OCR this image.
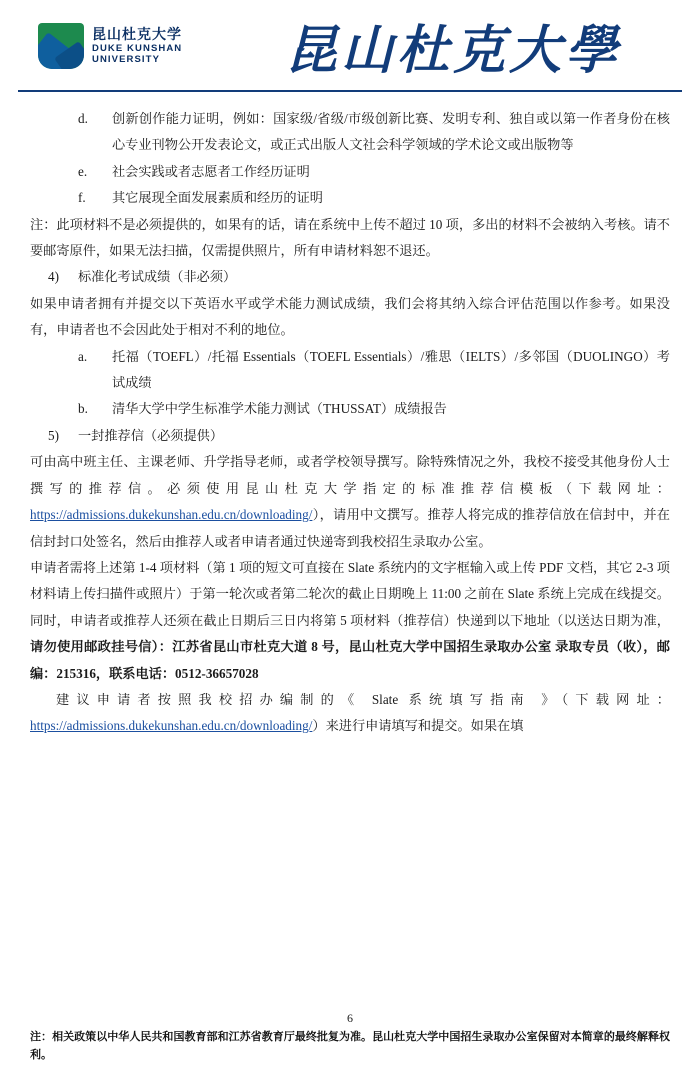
昆山杜克大学
DUKE KUNSHAN
UNIVERSITY	昆山杜克大學
d.	创新创作能力证明，例如：国家级/省级/市级创新比赛、发明专利、独自或以第一作者身份在核心专业刊物公开发表论文，或正式出版人文社会科学领域的学术论文或出版物等
e.	社会实践或者志愿者工作经历证明
f.	其它展现全面发展素质和经历的证明

注：此项材料不是必须提供的，如果有的话，请在系统中上传不超过 10 项，多出的材料不会被纳入考核。请不要邮寄原件，如果无法扫描，仅需提供照片，所有申请材料恕不退还。

4)	标准化考试成绩（非必须）

如果申请者拥有并提交以下英语水平或学术能力测试成绩，我们会将其纳入综合评估范围以作参考。如果没有，申请者也不会因此处于相对不利的地位。

a.	托福（TOEFL）/托福 Essentials（TOEFL Essentials）/雅思（IELTS）/多邻国（DUOLINGO）考试成绩
b.	清华大学中学生标准学术能力测试（THUSSAT）成绩报告
5)	一封推荐信（必须提供）

可由高中班主任、主课老师、升学指导老师，或者学校领导撰写。除特殊情况之外，我校不接受其他身份人士撰写的推荐信。必须使用昆山杜克大学指定的标准推荐信模板（下载网址：https://admissions.dukekunshan.edu.cn/downloading/），请用中文撰写。推荐人将完成的推荐信放在信封中，并在信封封口处签名，然后由推荐人或者申请者通过快递寄到我校招生录取办公室。

申请者需将上述第 1-4 项材料（第 1 项的短文可直接在 Slate 系统内的文字框输入或上传 PDF 文档，其它 2-3 项材料请上传扫描件或照片）于第一轮次或者第二轮次的截止日期晚上 11:00 之前在 Slate 系统上完成在线提交。同时，申请者或推荐人还须在截止日期后三日内将第 5 项材料（推荐信）快递到以下地址（以送达日期为准，请勿使用邮政挂号信）：江苏省昆山市杜克大道 8 号，昆山杜克大学中国招生录取办公室 录取专员（收），邮编：215316，联系电话：0512-36657028

建议申请者按照我校招办编制的《 Slate 系统填写指南 》（下载网址：https://admissions.dukekunshan.edu.cn/downloading/）来进行申请填写和提交。如果在填

6
注：相关政策以中华人民共和国教育部和江苏省教育厅最终批复为准。昆山杜克大学中国招生录取办公室保留对本简章的最终解释权利。
